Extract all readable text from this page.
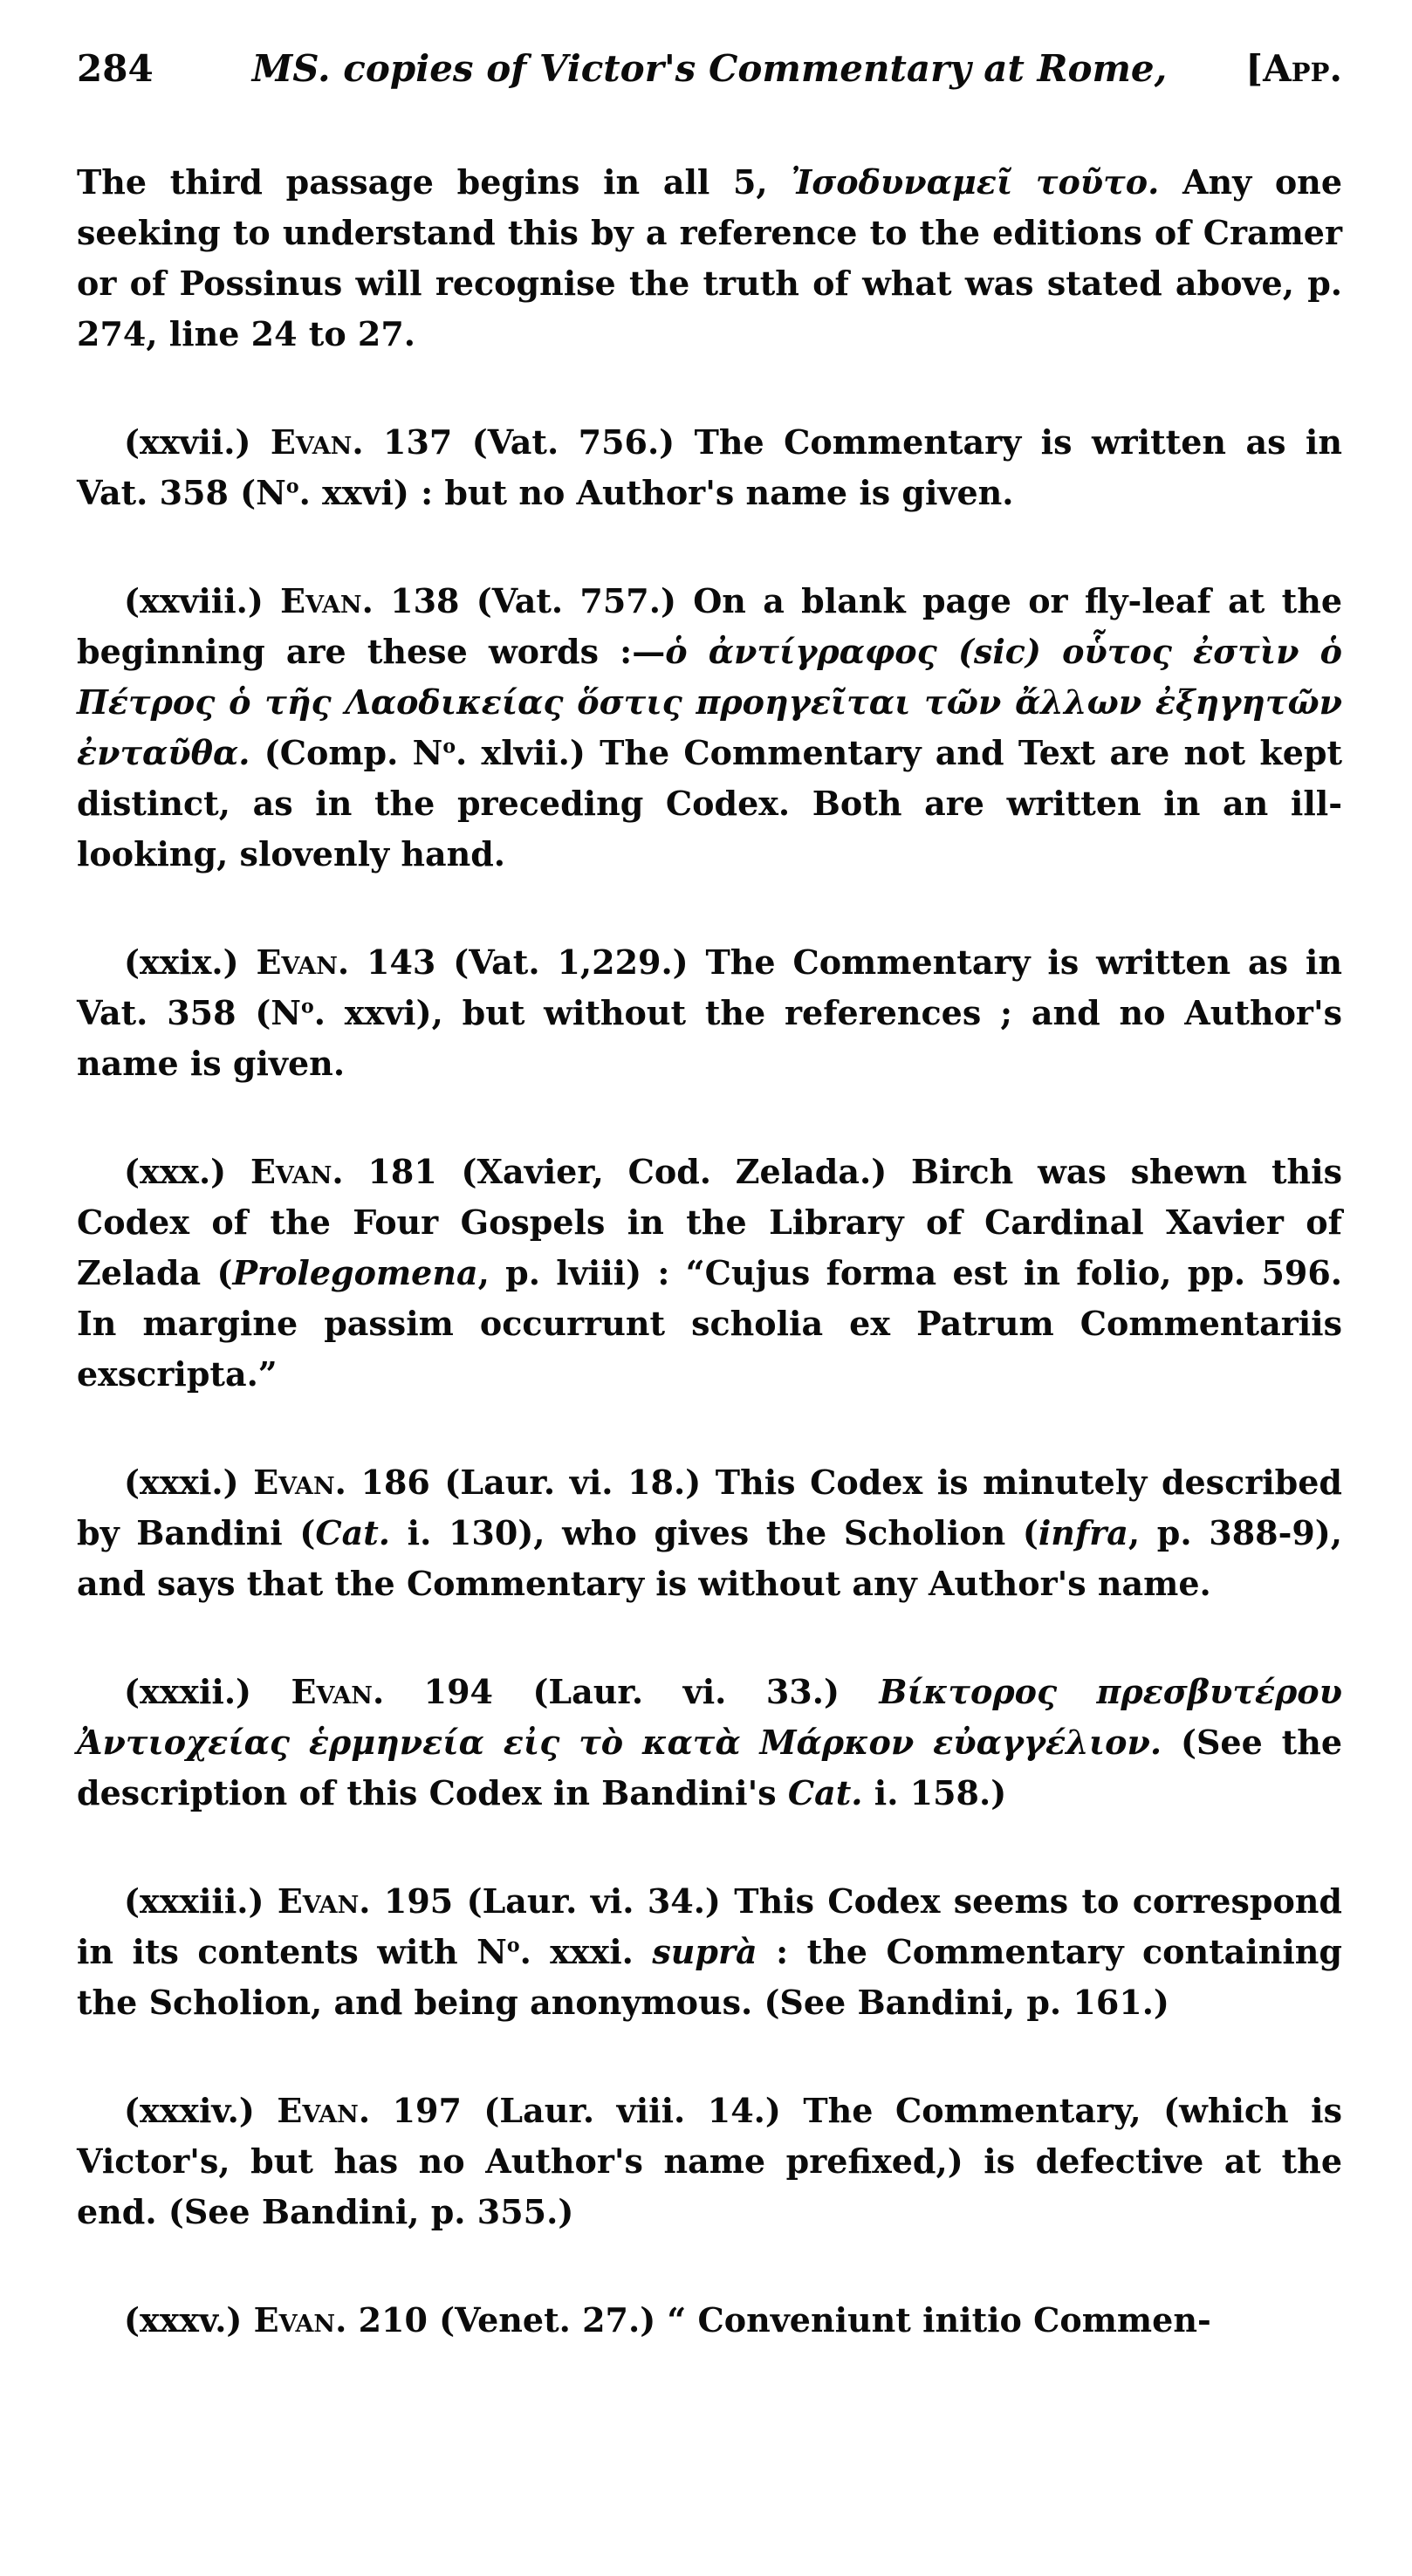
284	MS. copies of Victor's Commentary at Rome,	[App.

The third passage begins in all 5, Ἰσοδυναμεῖ τοῦτο. Any one seeking to understand this by a reference to the editions of Cramer or of Possinus will recognise the truth of what was stated above, p. 274, line 24 to 27.

(xxvii.) Evan. 137 (Vat. 756.) The Commentary is written as in Vat. 358 ($N^o$. xxvi) : but no Author's name is given.

(xxviii.) Evan. 138 (Vat. 757.) On a blank page or fly-leaf at the beginning are these words :—ὁ ἀντίγραφος (sic) οὗτος ἐστὶν ὁ Πέτρος ὁ τῆς Λαοδικείας ὅστις προηγεῖται τῶν ἄλλων ἐξηγητῶν ἐνταῦθα. (Comp. $N^o$. xlvii.) The Commentary and Text are not kept distinct, as in the preceding Codex. Both are written in an ill-looking, slovenly hand.

(xxix.) Evan. 143 (Vat. 1,229.) The Commentary is written as in Vat. 358 ($N^o$. xxvi), but without the references ; and no Author's name is given.

(xxx.) Evan. 181 (Xavier, Cod. Zelada.) Birch was shewn this Codex of the Four Gospels in the Library of Cardinal Xavier of Zelada (Prolegomena, p. lviii) : “Cujus forma est in folio, pp. 596. In margine passim occurrunt scholia ex Patrum Commentariis exscripta.”

(xxxi.) Evan. 186 (Laur. vi. 18.) This Codex is minutely described by Bandini (Cat. i. 130), who gives the Scholion (infra, p. 388-9), and says that the Commentary is without any Author's name.

(xxxii.) Evan. 194 (Laur. vi. 33.) Βίκτορος πρεσβυτέρου Ἀντιοχείας ἑρμηνεία εἰς τὸ κατὰ Μάρκον εὐαγγέλιον. (See the description of this Codex in Bandini's Cat. i. 158.)

(xxxiii.) Evan. 195 (Laur. vi. 34.) This Codex seems to correspond in its contents with $N^o$. xxxi. suprà : the Commentary containing the Scholion, and being anonymous. (See Bandini, p. 161.)

(xxxiv.) Evan. 197 (Laur. viii. 14.) The Commentary, (which is Victor's, but has no Author's name prefixed,) is defective at the end. (See Bandini, p. 355.)

(xxxv.) Evan. 210 (Venet. 27.) “ Conveniunt initio Commen-
